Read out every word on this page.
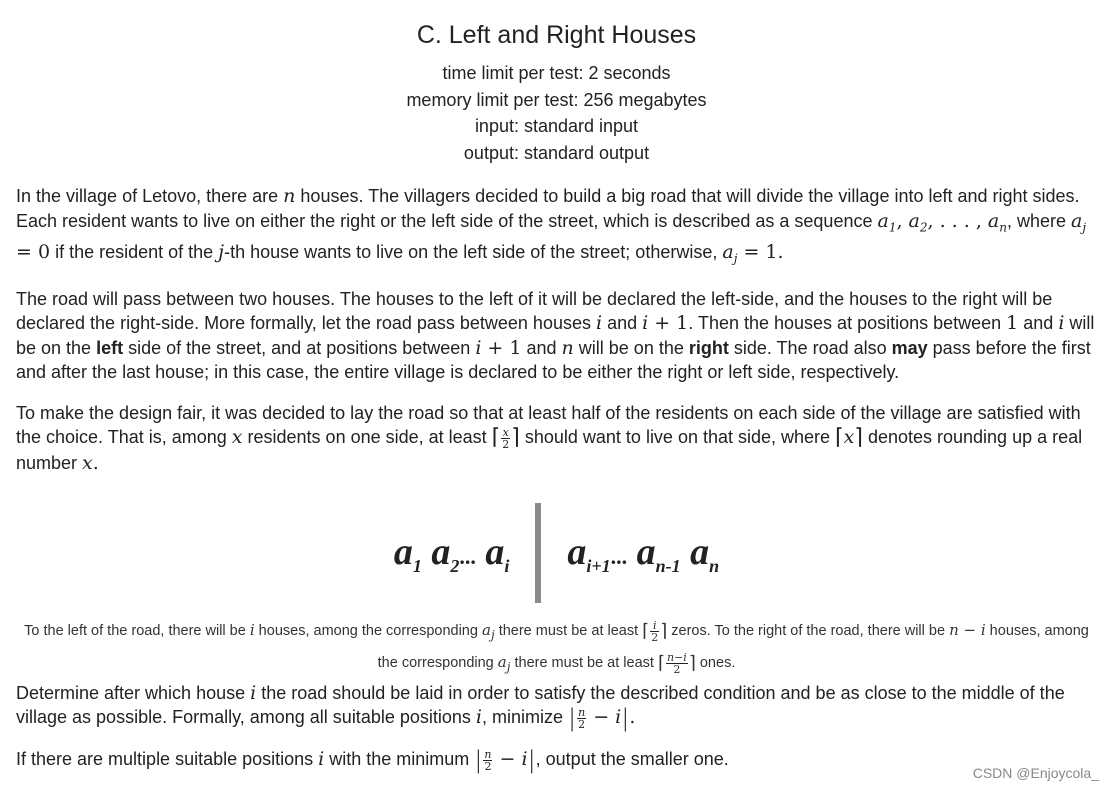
C. Left and Right Houses
time limit per test: 2 seconds
memory limit per test: 256 megabytes
input: standard input
output: standard output

In the village of Letovo, there are n houses. The villagers decided to build a big road that will divide the village into left and right sides. Each resident wants to live on either the right or the left side of the street, which is described as a sequence $a_1$, $a_2$, . . . , $a_n$, where $a_j = 0$ if the resident of the j-th house wants to live on the left side of the street; otherwise, $a_j = 1$.

The road will pass between two houses. The houses to the left of it will be declared the left-side, and the houses to the right will be declared the right-side. More formally, let the road pass between houses i and i + 1. Then the houses at positions between 1 and i will be on the left side of the street, and at positions between i + 1 and n will be on the right side. The road also may pass before the first and after the last house; in this case, the entire village is declared to be either the right or left side, respectively.

To make the design fair, it was decided to lay the road so that at least half of the residents on each side of the village are satisfied with the choice. That is, among x residents on one side, at least ⌈ $\frac{x}{2}$ ⌉ should want to live on that side, where ⌈x⌉ denotes rounding up a real number x.

$a_1$ $a_2$... $a_i$ $a_{i+1}$... $a_{n-1}$ $a_n$
To the left of the road, there will be i houses, among the corresponding $a_j$ there must be at least ⌈ $\frac{i}{2}$ ⌉ zeros. To the right of the road, there will be n − i houses, among the corresponding $a_j$ there must be at least ⌈ $\frac{n-i}{2}$ ⌉ ones.

Determine after which house i the road should be laid in order to satisfy the described condition and be as close to the middle of the village as possible. Formally, among all suitable positions i, minimize | $\frac{n}{2} - i|$.

If there are multiple suitable positions i with the minimum | $\frac{n}{2} - i|$, output the smaller one.

CSDN @Enjoycola_
